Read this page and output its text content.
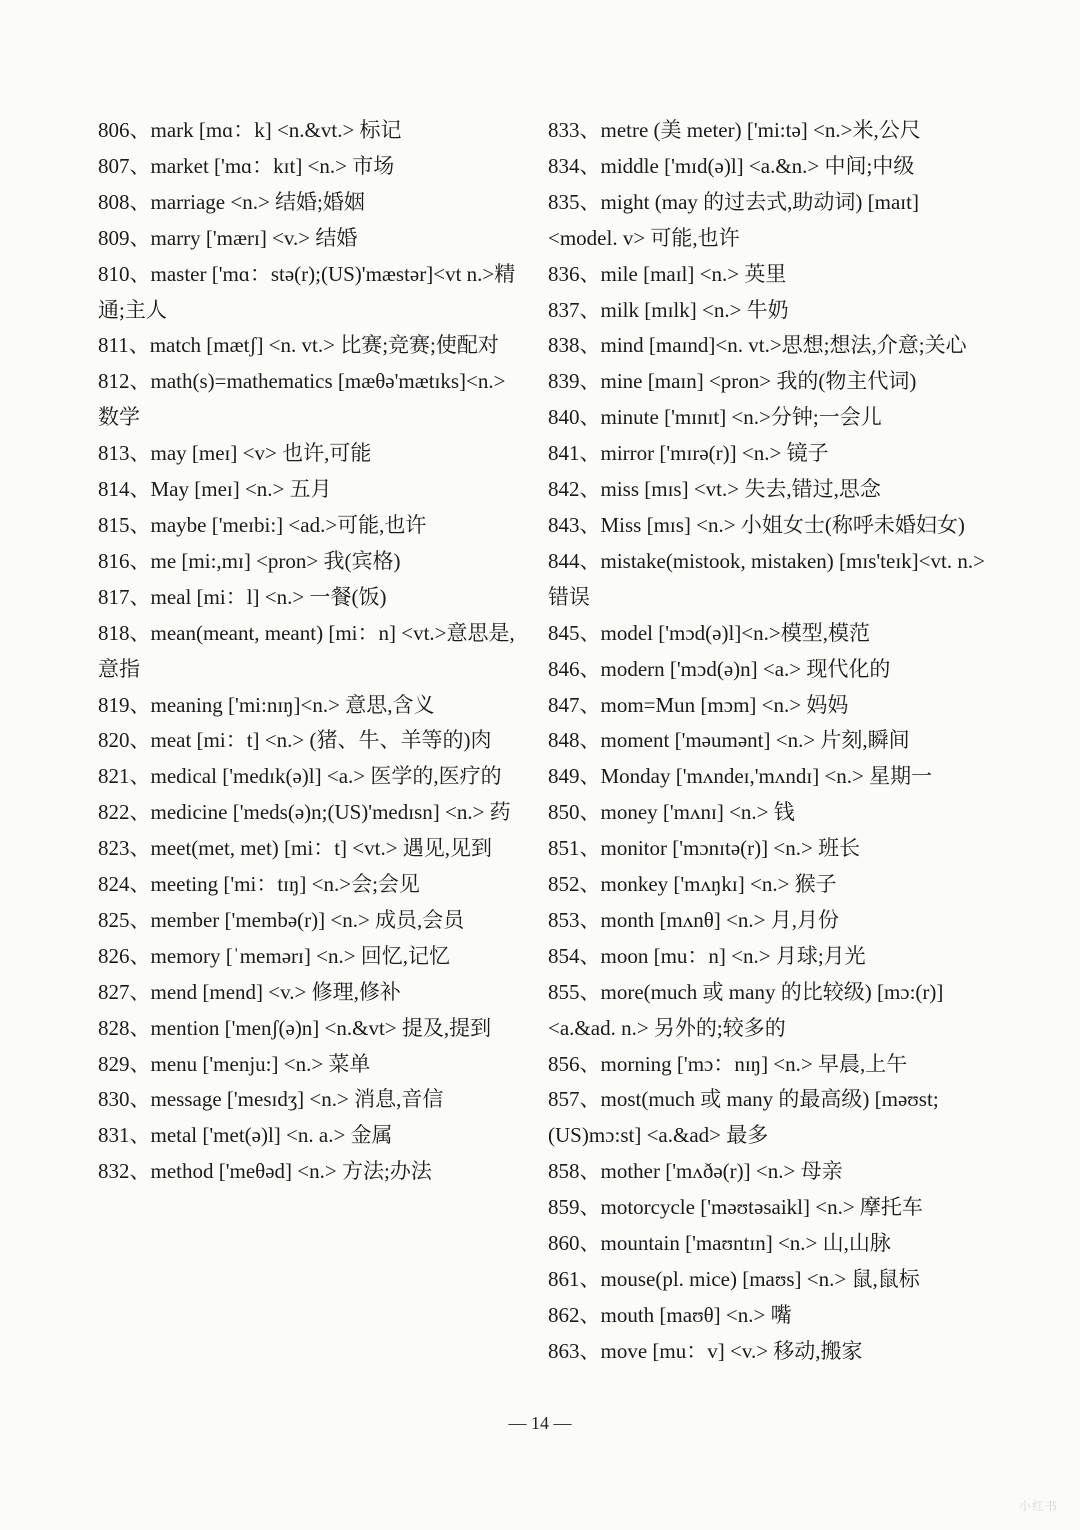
806、mark [mɑ：k] <n.&vt.> 标记

807、market ['mɑ：kɪt] <n.> 市场

808、marriage <n.> 结婚;婚姻

809、marry ['mærɪ] <v.> 结婚

810、master ['mɑ：stə(r);(US)'mæstər]<vt n.>精通;主人

811、match [mætʃ] <n. vt.> 比赛;竞赛;使配对

812、math(s)=mathematics [mæθə'mætɪks]<n.> 数学

813、may [meɪ] <v> 也许,可能

814、May [meɪ] <n.> 五月

815、maybe ['meɪbi:] <ad.>可能,也许

816、me [mi:,mɪ] <pron> 我(宾格)

817、meal [mi：l] <n.> 一餐(饭)

818、mean(meant, meant) [mi：n] <vt.>意思是,意指

819、meaning ['mi:nɪŋ]<n.> 意思,含义

820、meat [mi：t] <n.> (猪、牛、羊等的)肉

821、medical ['medɪk(ə)l] <a.> 医学的,医疗的

822、medicine ['meds(ə)n;(US)'medɪsn] <n.> 药

823、meet(met, met) [mi：t] <vt.> 遇见,见到

824、meeting ['mi：tɪŋ] <n.>会;会见

825、member ['membə(r)] <n.> 成员,会员

826、memory [ˈmemərɪ] <n.> 回忆,记忆

827、mend [mend] <v.> 修理,修补

828、mention ['menʃ(ə)n] <n.&vt> 提及,提到

829、menu ['menju:] <n.> 菜单

830、message ['mesɪdʒ] <n.> 消息,音信

831、metal ['met(ə)l] <n. a.> 金属

832、method ['meθəd] <n.> 方法;办法

833、metre (美 meter) ['mi:tə] <n.>米,公尺

834、middle ['mɪd(ə)l] <a.&n.> 中间;中级

835、might (may 的过去式,助动词) [maɪt]<model. v> 可能,也许

836、mile [maɪl] <n.> 英里

837、milk [mɪlk] <n.> 牛奶

838、mind [maɪnd]<n. vt.>思想;想法,介意;关心

839、mine [maɪn] <pron> 我的(物主代词)

840、minute ['mɪnɪt] <n.>分钟;一会儿

841、mirror ['mɪrə(r)] <n.> 镜子

842、miss [mɪs] <vt.> 失去,错过,思念

843、Miss [mɪs] <n.> 小姐女士(称呼未婚妇女)

844、mistake(mistook, mistaken) [mɪs'teɪk]<vt. n.>错误

845、model ['mɔd(ə)l]<n.>模型,模范

846、modern ['mɔd(ə)n] <a.> 现代化的

847、mom=Mun [mɔm] <n.> 妈妈

848、moment ['məumənt] <n.> 片刻,瞬间

849、Monday ['mʌndeɪ,'mʌndɪ] <n.> 星期一

850、money ['mʌnɪ] <n.> 钱

851、monitor ['mɔnɪtə(r)] <n.> 班长

852、monkey ['mʌŋkɪ] <n.> 猴子

853、month [mʌnθ] <n.> 月,月份

854、moon [mu：n] <n.> 月球;月光

855、more(much 或 many 的比较级) [mɔ:(r)] <a.&ad. n.> 另外的;较多的

856、morning ['mɔ：nɪŋ] <n.> 早晨,上午

857、most(much 或 many 的最高级) [məʊst;(US)mɔ:st] <a.&ad> 最多

858、mother ['mʌðə(r)] <n.> 母亲

859、motorcycle ['məʊtəsaikl] <n.> 摩托车

860、mountain ['maʊntɪn] <n.> 山,山脉

861、mouse(pl. mice) [maʊs] <n.> 鼠,鼠标

862、mouth [maʊθ] <n.> 嘴

863、move [mu：v] <v.> 移动,搬家

— 14 —
小红书
